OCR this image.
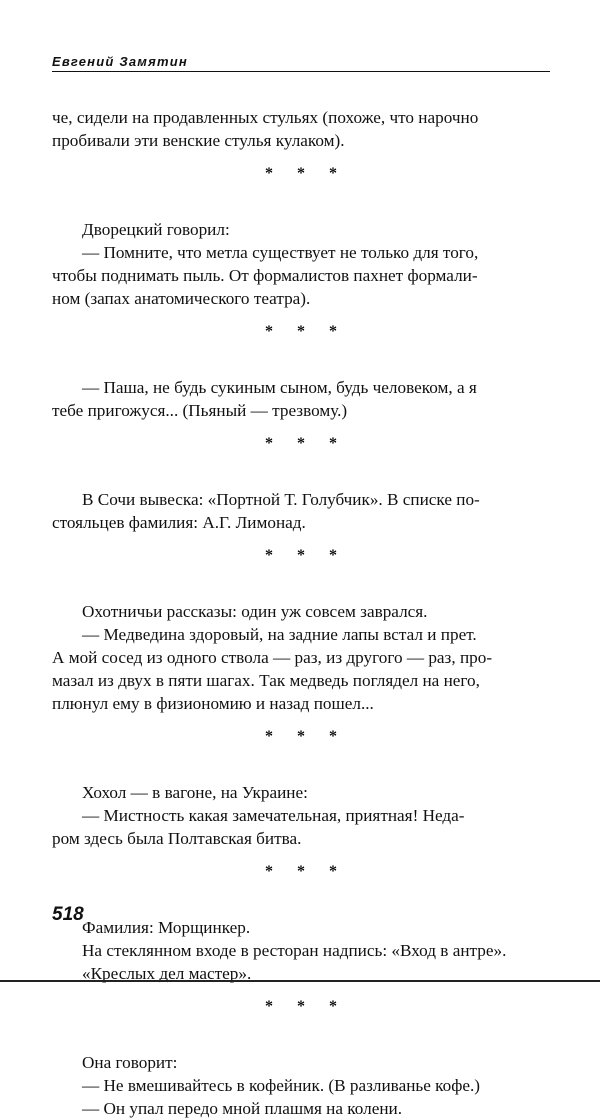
Евгений Замятин

че, сидели на продавленных стульях (похоже, что нарочно

пробивали эти венские стулья кулаком).

* * *

Дворецкий говорил:

— Помните, что метла существует не только для того,

чтобы поднимать пыль. От формалистов пахнет формали-

ном (запах анатомического театра).

* * *

— Паша, не будь сукиным сыном, будь человеком, а я

тебе пригожуся... (Пьяный — трезвому.)

* * *

В Сочи вывеска: «Портной Т. Голубчик». В списке по-

стояльцев фамилия: А.Г. Лимонад.

* * *

Охотничьи рассказы: один уж совсем заврался.

— Медведина здоровый, на задние лапы встал и прет.

А мой сосед из одного ствола — раз, из другого — раз, про-

мазал из двух в пяти шагах. Так медведь поглядел на него,

плюнул ему в физиономию и назад пошел...

* * *

Хохол — в вагоне, на Украине:

— Мистность какая замечательная, приятная! Неда-

ром здесь была Полтавская битва.

* * *

Фамилия: Морщинкер.

На стеклянном входе в ресторан надпись: «Вход в антре».

«Креслых дел мастер».

* * *

Она говорит:

— Не вмешивайтесь в кофейник. (В разливанье кофе.)

— Он упал передо мной плашмя на колени.

518
